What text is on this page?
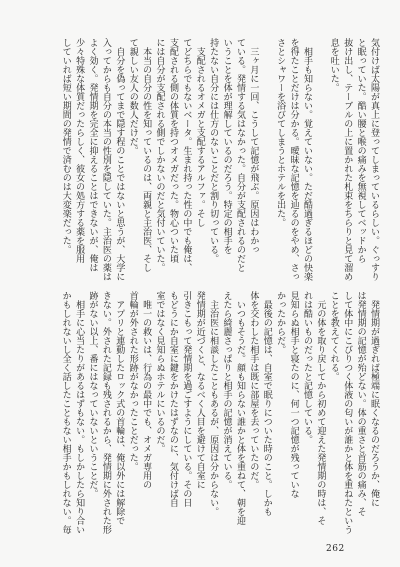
気付けば太陽が真上に登ってしまっているらしい。ぐっすり
と眠っていた。酷い腰と喉の痛みを無視してベッドから
抜け出し、テーブルの上に置かれた札束をちらりと見て溜め
息を吐いた。
　相手も知らない。覚えていない。ただ酷過ぎるほどの快楽
を得たことだけは分かる。曖昧な記憶を辿るのをやめ、さっ
さとシャワーを浴びてしまうとホテルを出た。
　三ヶ月に一回、こうして記憶が飛ぶ。原因はわかっ
ている。発情する気はなかった。自分が支配されるのだと
いうことを体が理解しているのだろう。特定の相手を
持たない自分には仕方のないことだと割り切っている。
　支配されるオメガと支配するアルファ。そし
てどちらでもないベータ。生まれ持った性の中でも俺は、
支配される側の体質を持つオメガだった。物心ついた頃
には自分が支配される側でしかないのだと気付いていた。
　本当の自分の性を知っているのは、両親と主治医、そし
て親しい友人の数人だけだ。
　自分を偽ってまで隠す程のことではないと思うが、大学に
入ってからも自分の本当の性別を隠していた。主治医の薬は
よく効く。発情期を完全に抑えることはできないが、俺は
少々特殊な体質だったらしく、彼女の処方する薬を服用
していれば短い期間の発情で済むのは大変楽だった。
　発情期が過ぎれば極端に眠くなるのだろうか、俺に
は発情期の記憶が殆どない。体の重さと首筋の痛み、そ
して体中にこびりつく体液の匂いが誰かと体を重ねたという
ことを教えてくれる。
　元の体を取り戻してから初めて迎えた発情期の時は、そ
れは酷いものだったと記憶している。
見知らぬ相手と寝たのに、何一つ記憶が残っていな
かったからだ。
　最後の記憶は、自室で眠りについた時のこと。しかも
体を交わした相手は既に部屋を去っていたのだ。
　いつもそうだ。顔も知らない誰かと体を重ねて、朝を迎
えたら綺麗さっぱりと相手の記憶が消えている。
　主治医に相談したこともあるが、原因は分からない。
発情期が近づくと、なるべく人目を避けて自室に
引きこもって発情期を過ごすようにしている。その日
もどうにか自室に鍵をかけたはずなのに、気付けば自
室ではなく見知らぬホテルにいるのだ。
　唯一の救いは、行為の最中でも、オメガ専用の
首輪が外された形跡がなかったことだった。
　アプリと連動したロック式の首輪は、俺以外には解除で
きない。外された記録も残されるから、発情期に外された形
跡がない以上、番にはなっていないということだ。
　相手に心当たりがあるはずもない。もしかしたら知り合い
かもしれないし全く話したこともない相手かもしれない。毎
262
